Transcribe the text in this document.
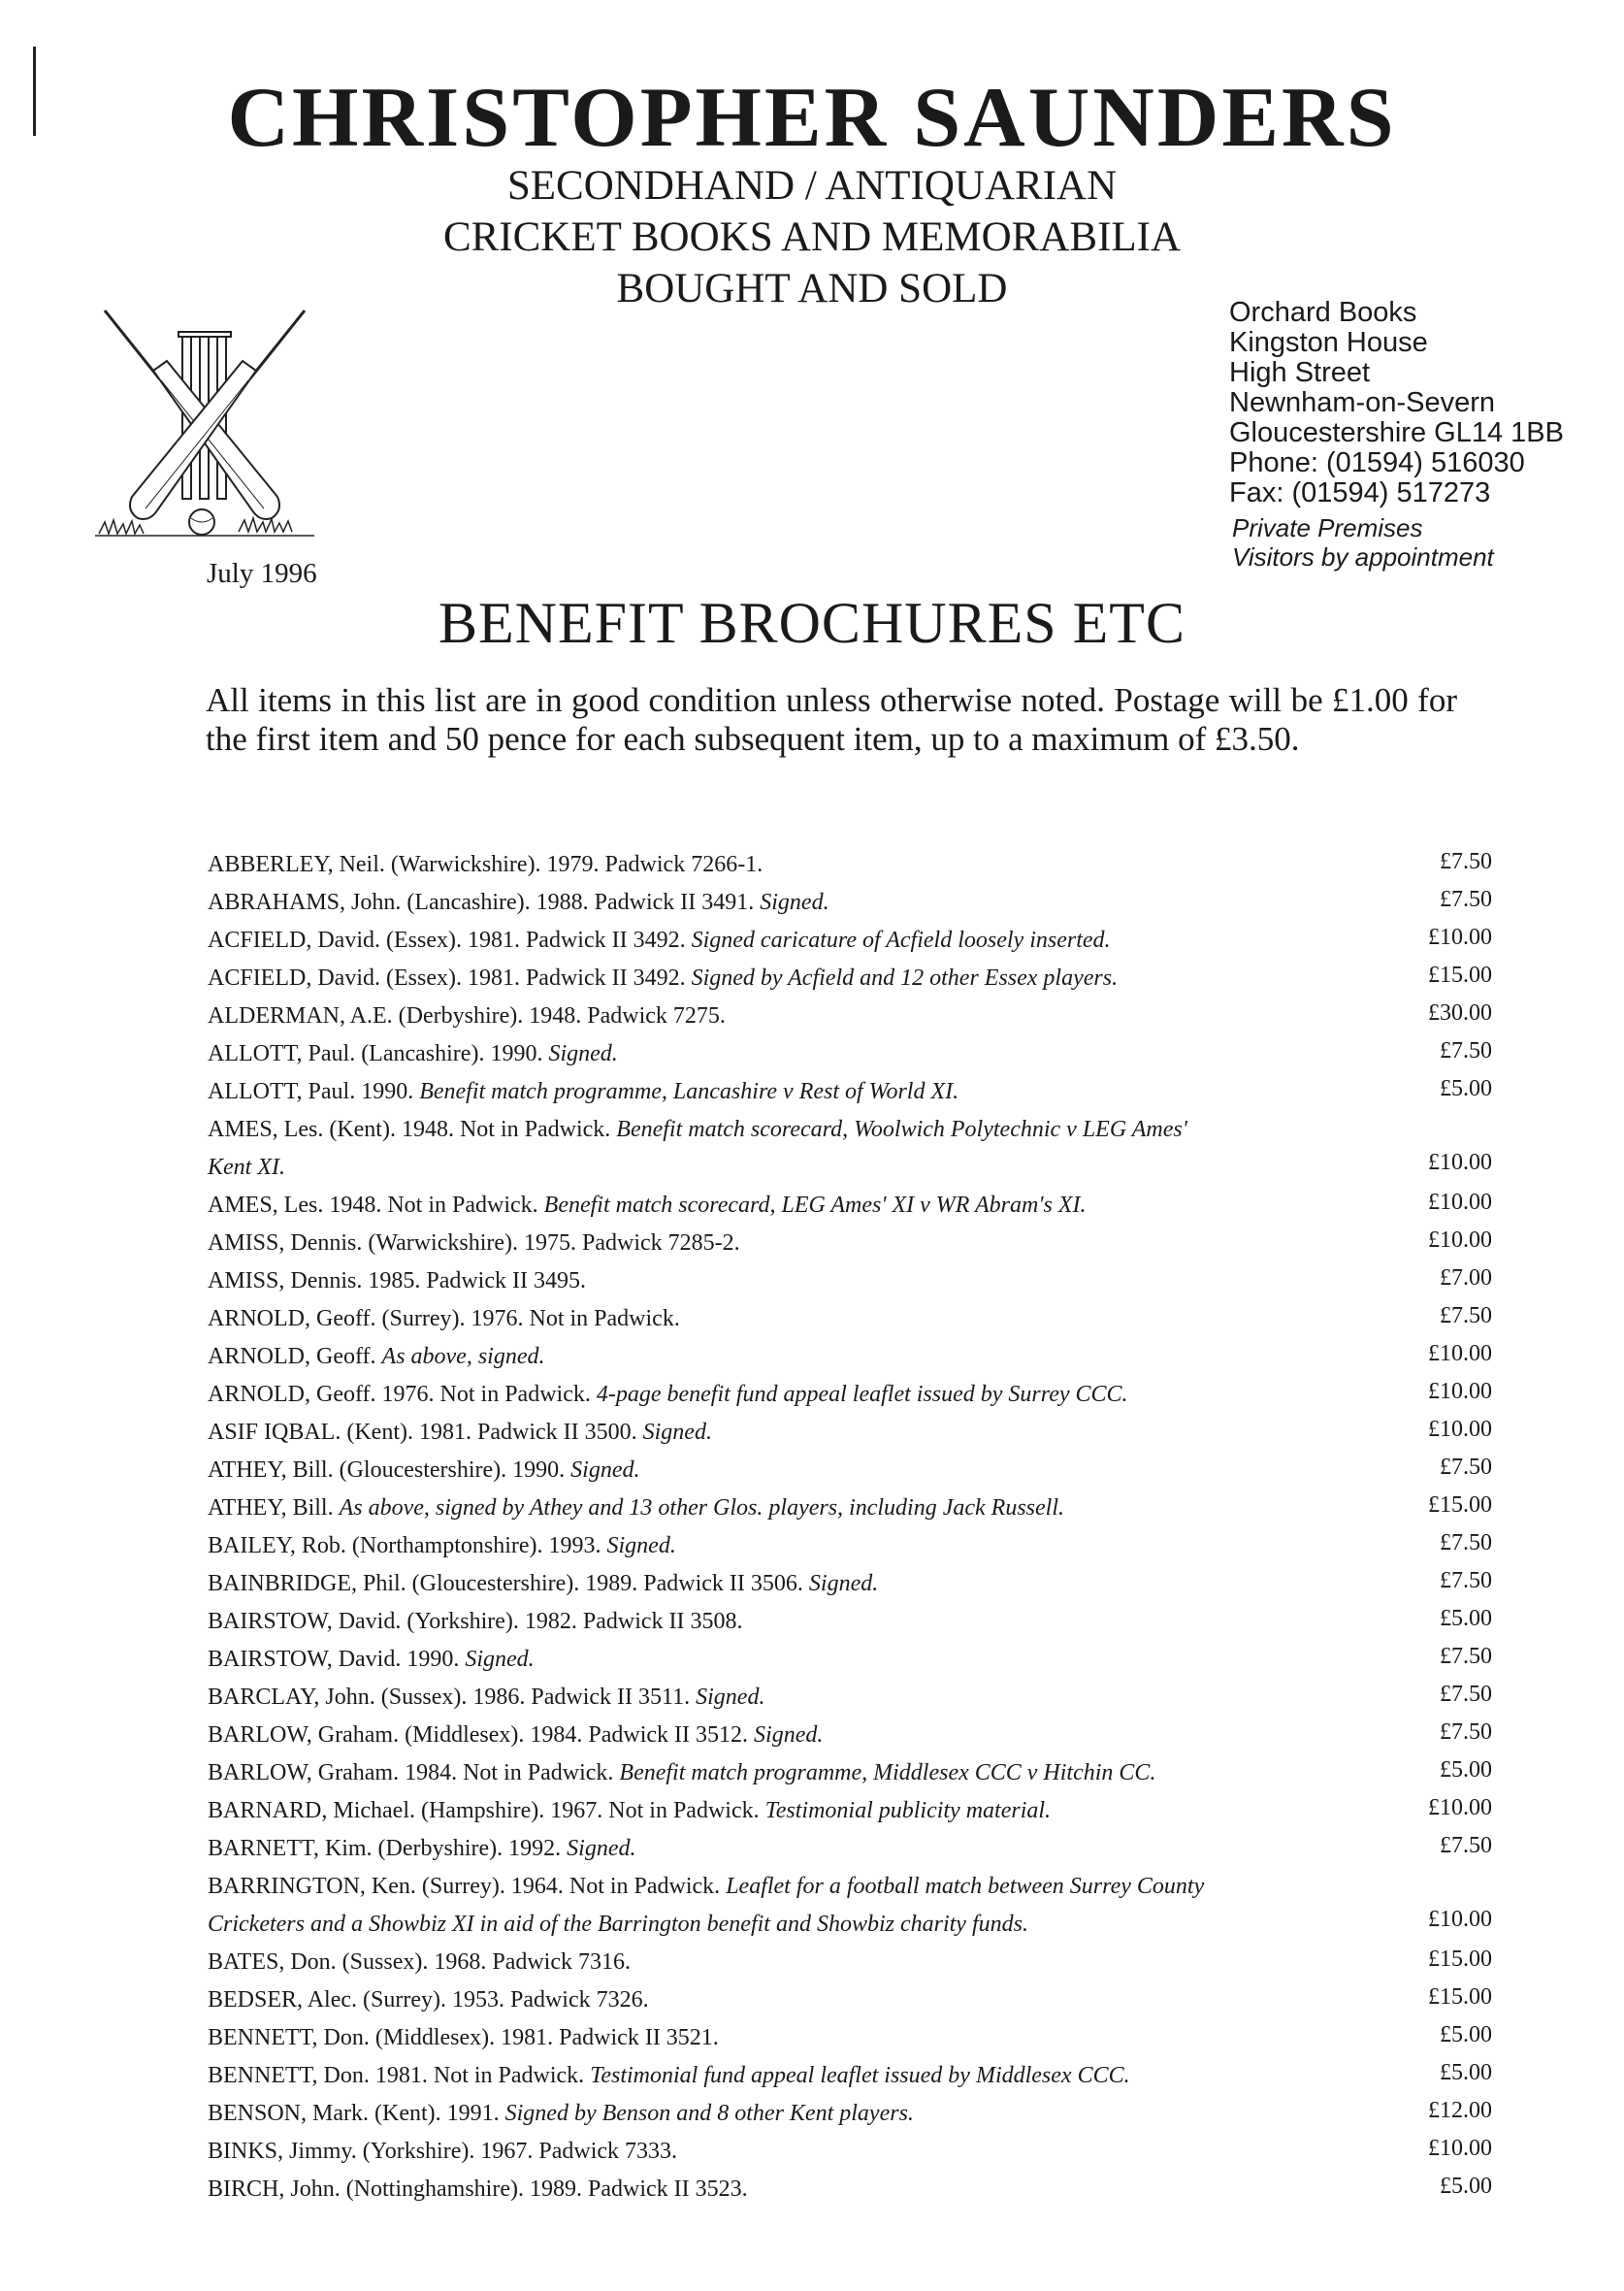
CHRISTOPHER SAUNDERS
SECONDHAND / ANTIQUARIAN
CRICKET BOOKS AND MEMORABILIA
BOUGHT AND SOLD
Orchard Books
Kingston House
High Street
Newnham-on-Severn
Gloucestershire GL14 1BB
Phone: (01594) 516030
Fax: (01594) 517273
Private Premises
Visitors by appointment
July 1996
BENEFIT BROCHURES ETC

All items in this list are in good condition unless otherwise noted. Postage will be £1.00 for the first item and 50 pence for each subsequent item, up to a maximum of £3.50.

ABBERLEY, Neil. (Warwickshire). 1979. Padwick 7266-1.	£7.50
ABRAHAMS, John. (Lancashire). 1988. Padwick II 3491. Signed.	£7.50
ACFIELD, David. (Essex). 1981. Padwick II 3492. Signed caricature of Acfield loosely inserted.	£10.00
ACFIELD, David. (Essex). 1981. Padwick II 3492. Signed by Acfield and 12 other Essex players.	£15.00
ALDERMAN, A.E. (Derbyshire). 1948. Padwick 7275.	£30.00
ALLOTT, Paul. (Lancashire). 1990. Signed.	£7.50
ALLOTT, Paul. 1990. Benefit match programme, Lancashire v Rest of World XI.	£5.00
AMES, Les. (Kent). 1948. Not in Padwick. Benefit match scorecard, Woolwich Polytechnic v LEG Ames'
Kent XI.	£10.00
AMES, Les. 1948. Not in Padwick. Benefit match scorecard, LEG Ames' XI v WR Abram's XI.	£10.00
AMISS, Dennis. (Warwickshire). 1975. Padwick 7285-2.	£10.00
AMISS, Dennis. 1985. Padwick II 3495.	£7.00
ARNOLD, Geoff. (Surrey). 1976. Not in Padwick.	£7.50
ARNOLD, Geoff. As above, signed.	£10.00
ARNOLD, Geoff. 1976. Not in Padwick. 4-page benefit fund appeal leaflet issued by Surrey CCC.	£10.00
ASIF IQBAL. (Kent). 1981. Padwick II 3500. Signed.	£10.00
ATHEY, Bill. (Gloucestershire). 1990. Signed.	£7.50
ATHEY, Bill. As above, signed by Athey and 13 other Glos. players, including Jack Russell.	£15.00
BAILEY, Rob. (Northamptonshire). 1993. Signed.	£7.50
BAINBRIDGE, Phil. (Gloucestershire). 1989. Padwick II 3506. Signed.	£7.50
BAIRSTOW, David. (Yorkshire). 1982. Padwick II 3508.	£5.00
BAIRSTOW, David. 1990. Signed.	£7.50
BARCLAY, John. (Sussex). 1986. Padwick II 3511. Signed.	£7.50
BARLOW, Graham. (Middlesex). 1984. Padwick II 3512. Signed.	£7.50
BARLOW, Graham. 1984. Not in Padwick. Benefit match programme, Middlesex CCC v Hitchin CC.	£5.00
BARNARD, Michael. (Hampshire). 1967. Not in Padwick. Testimonial publicity material.	£10.00
BARNETT, Kim. (Derbyshire). 1992. Signed.	£7.50
BARRINGTON, Ken. (Surrey). 1964. Not in Padwick. Leaflet for a football match between Surrey County
Cricketers and a Showbiz XI in aid of the Barrington benefit and Showbiz charity funds.	£10.00
BATES, Don. (Sussex). 1968. Padwick 7316.	£15.00
BEDSER, Alec. (Surrey). 1953. Padwick 7326.	£15.00
BENNETT, Don. (Middlesex). 1981. Padwick II 3521.	£5.00
BENNETT, Don. 1981. Not in Padwick. Testimonial fund appeal leaflet issued by Middlesex CCC.	£5.00
BENSON, Mark. (Kent). 1991. Signed by Benson and 8 other Kent players.	£12.00
BINKS, Jimmy. (Yorkshire). 1967. Padwick 7333.	£10.00
BIRCH, John. (Nottinghamshire). 1989. Padwick II 3523.	£5.00
